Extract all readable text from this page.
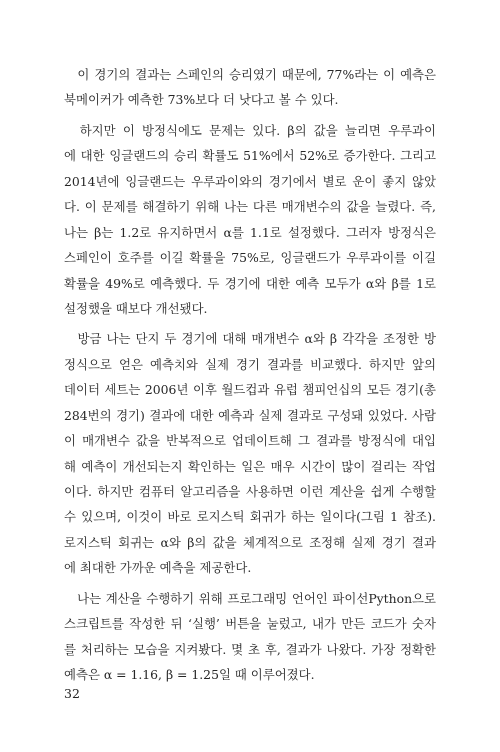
　이 경기의 결과는 스페인의 승리였기 때문에, 77%라는 이 예측은
북메이커가 예측한 73%보다 더 낫다고 볼 수 있다.
　하지만 이 방정식에도 문제는 있다. β의 값을 늘리면 우루과이
에 대한 잉글랜드의 승리 확률도 51%에서 52%로 증가한다. 그리고
2014년에 잉글랜드는 우루과이와의 경기에서 별로 운이 좋지 않았
다. 이 문제를 해결하기 위해 나는 다른 매개변수의 값을 늘렸다. 즉,
나는 β는 1.2로 유지하면서 α를 1.1로 설정했다. 그러자 방정식은
스페인이 호주를 이길 확률을 75%로, 잉글랜드가 우루과이를 이길
확률을 49%로 예측했다. 두 경기에 대한 예측 모두가 α와 β를 1로
설정했을 때보다 개선됐다.
　방금 나는 단지 두 경기에 대해 매개변수 α와 β 각각을 조정한 방
정식으로 얻은 예측치와 실제 경기 결과를 비교했다. 하지만 앞의
데이터 세트는 2006년 이후 월드컵과 유럽 챔피언십의 모든 경기(총
284번의 경기) 결과에 대한 예측과 실제 결과로 구성돼 있었다. 사람
이 매개변수 값을 반복적으로 업데이트해 그 결과를 방정식에 대입
해 예측이 개선되는지 확인하는 일은 매우 시간이 많이 걸리는 작업
이다. 하지만 컴퓨터 알고리즘을 사용하면 이런 계산을 쉽게 수행할
수 있으며, 이것이 바로 로지스틱 회귀가 하는 일이다(그림 1 참조).
로지스틱 회귀는 α와 β의 값을 체계적으로 조정해 실제 경기 결과
에 최대한 가까운 예측을 제공한다.
　나는 계산을 수행하기 위해 프로그래밍 언어인 파이선Python으로
스크립트를 작성한 뒤 ‘실행’ 버튼을 눌렀고, 내가 만든 코드가 숫자
를 처리하는 모습을 지켜봤다. 몇 초 후, 결과가 나왔다. 가장 정확한
예측은 α = 1.16, β = 1.25일 때 이루어졌다.
32
